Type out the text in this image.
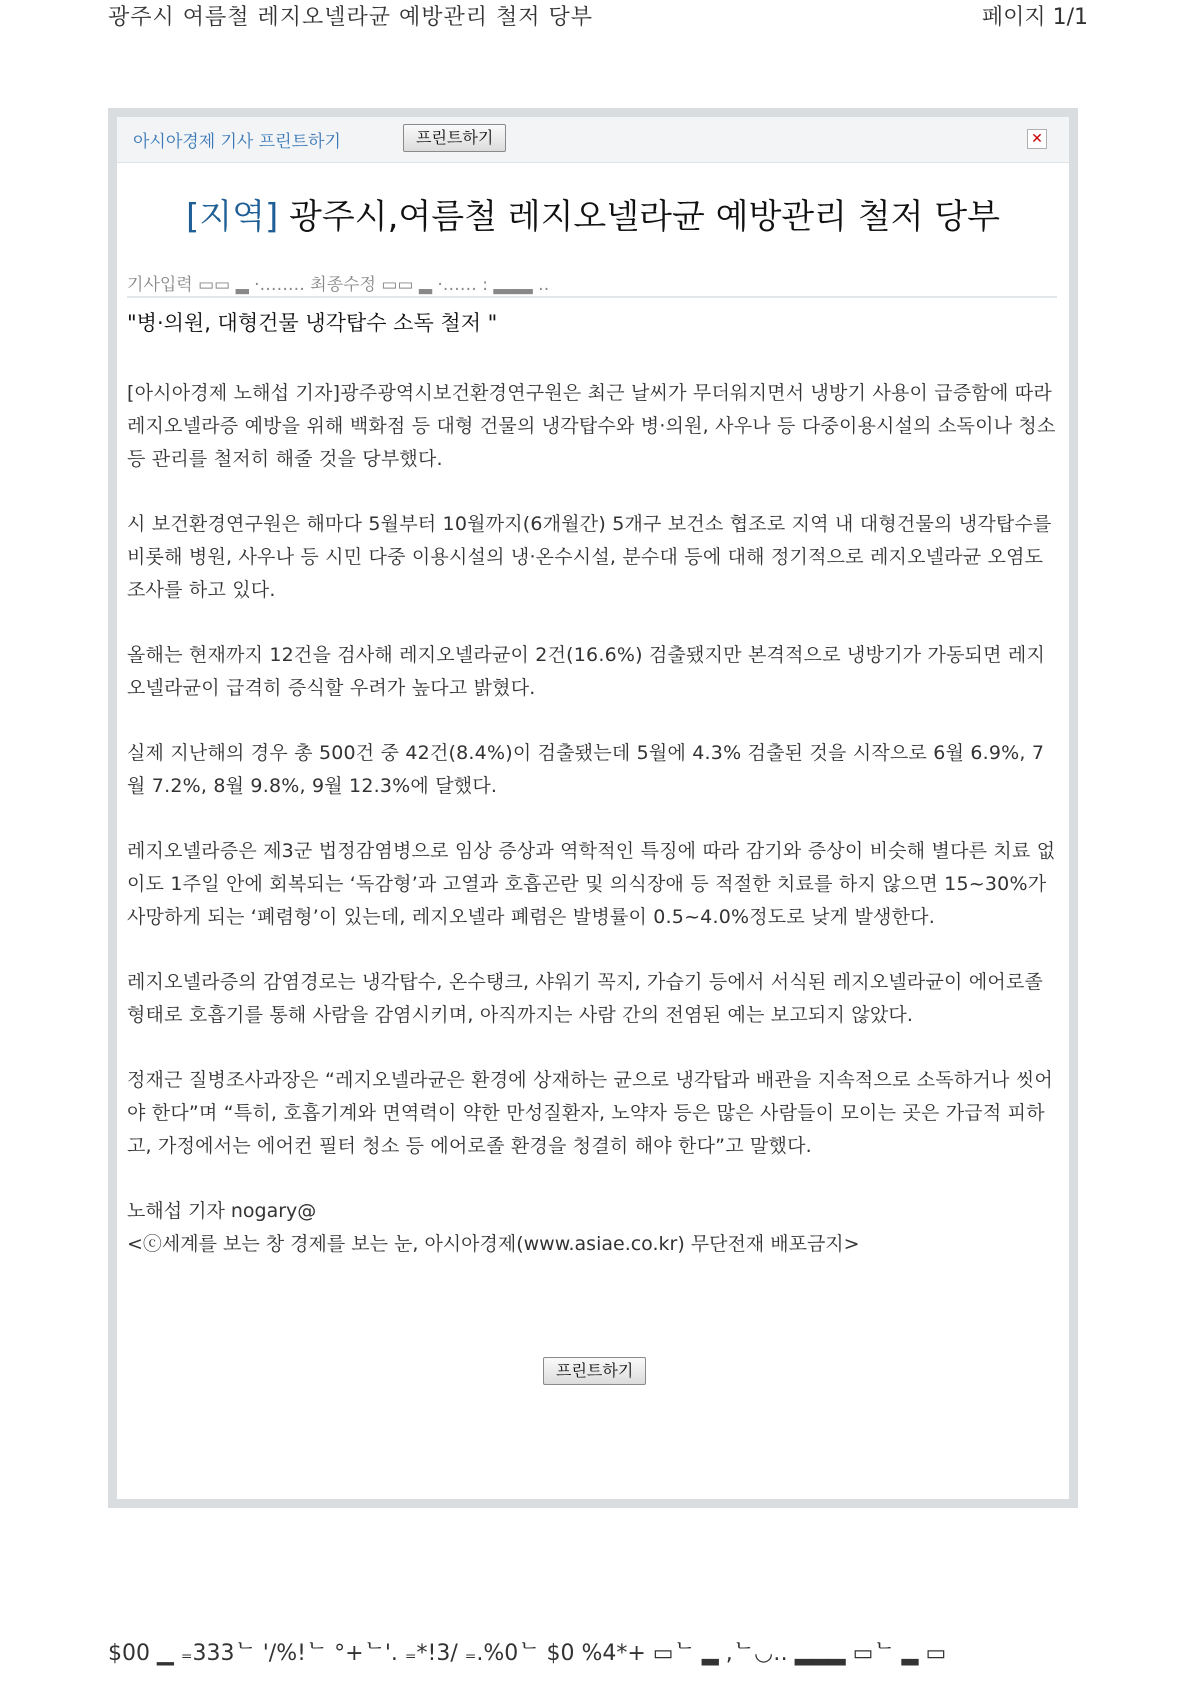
광주시 여름철 레지오넬라균 예방관리 철저 당부	페이지 1/1
아시아경제 기사 프린트하기	프린트하기	✕
[지역] 광주시,여름철 레지오넬라균 예방관리 철저 당부
기사입력 ▭▭ ▂ ·‥‥‥‥ 최종수정 ▭▭ ▂ ·‥‥‥ : ▂▂▂ ‥

"병·의원, 대형건물 냉각탑수 소독 철저 "

[아시아경제 노해섭 기자]광주광역시보건환경연구원은 최근 날씨가 무더워지면서 냉방기 사용이 급증함에 따라 레지오넬라증 예방을 위해 백화점 등 대형 건물의 냉각탑수와 병·의원, 사우나 등 다중이용시설의 소독이나 청소 등 관리를 철저히 해줄 것을 당부했다.

시 보건환경연구원은 해마다 5월부터 10월까지(6개월간) 5개구 보건소 협조로 지역 내 대형건물의 냉각탑수를 비롯해 병원, 사우나 등 시민 다중 이용시설의 냉·온수시설, 분수대 등에 대해 정기적으로 레지오넬라균 오염도 조사를 하고 있다.

올해는 현재까지 12건을 검사해 레지오넬라균이 2건(16.6%) 검출됐지만 본격적으로 냉방기가 가동되면 레지오넬라균이 급격히 증식할 우려가 높다고 밝혔다.

실제 지난해의 경우 총 500건 중 42건(8.4%)이 검출됐는데 5월에 4.3% 검출된 것을 시작으로 6월 6.9%, 7월 7.2%, 8월 9.8%, 9월 12.3%에 달했다.

레지오넬라증은 제3군 법정감염병으로 임상 증상과 역학적인 특징에 따라 감기와 증상이 비슷해 별다른 치료 없이도 1주일 안에 회복되는 ‘독감형’과 고열과 호흡곤란 및 의식장애 등 적절한 치료를 하지 않으면 15~30%가 사망하게 되는 ‘폐렴형’이 있는데, 레지오넬라 폐렴은 발병률이 0.5~4.0%정도로 낮게 발생한다.

레지오넬라증의 감염경로는 냉각탑수, 온수탱크, 샤워기 꼭지, 가습기 등에서 서식된 레지오넬라균이 에어로졸 형태로 호흡기를 통해 사람을 감염시키며, 아직까지는 사람 간의 전염된 예는 보고되지 않았다.

정재근 질병조사과장은 “레지오넬라균은 환경에 상재하는 균으로 냉각탑과 배관을 지속적으로 소독하거나 씻어야 한다”며 “특히, 호흡기계와 면역력이 약한 만성질환자, 노약자 등은 많은 사람들이 모이는 곳은 가급적 피하고, 가정에서는 에어컨 필터 청소 등 에어로졸 환경을 청결히 해야 한다”고 말했다.

노해섭 기자 nogary@

<ⓒ세계를 보는 창 경제를 보는 눈, 아시아경제(www.asiae.co.kr) 무단전재 배포금지>

프린트하기
$00 ▁ ₌333ᄂ '/%!ᄂ °+ᄂ'. ₌*!3/ ₌.%0ᄂ $0 %4*+ ▭ᄂ ▂ ,ᄂ◡‥ ▂▂▂ ▭ᄂ ▂ ▭
